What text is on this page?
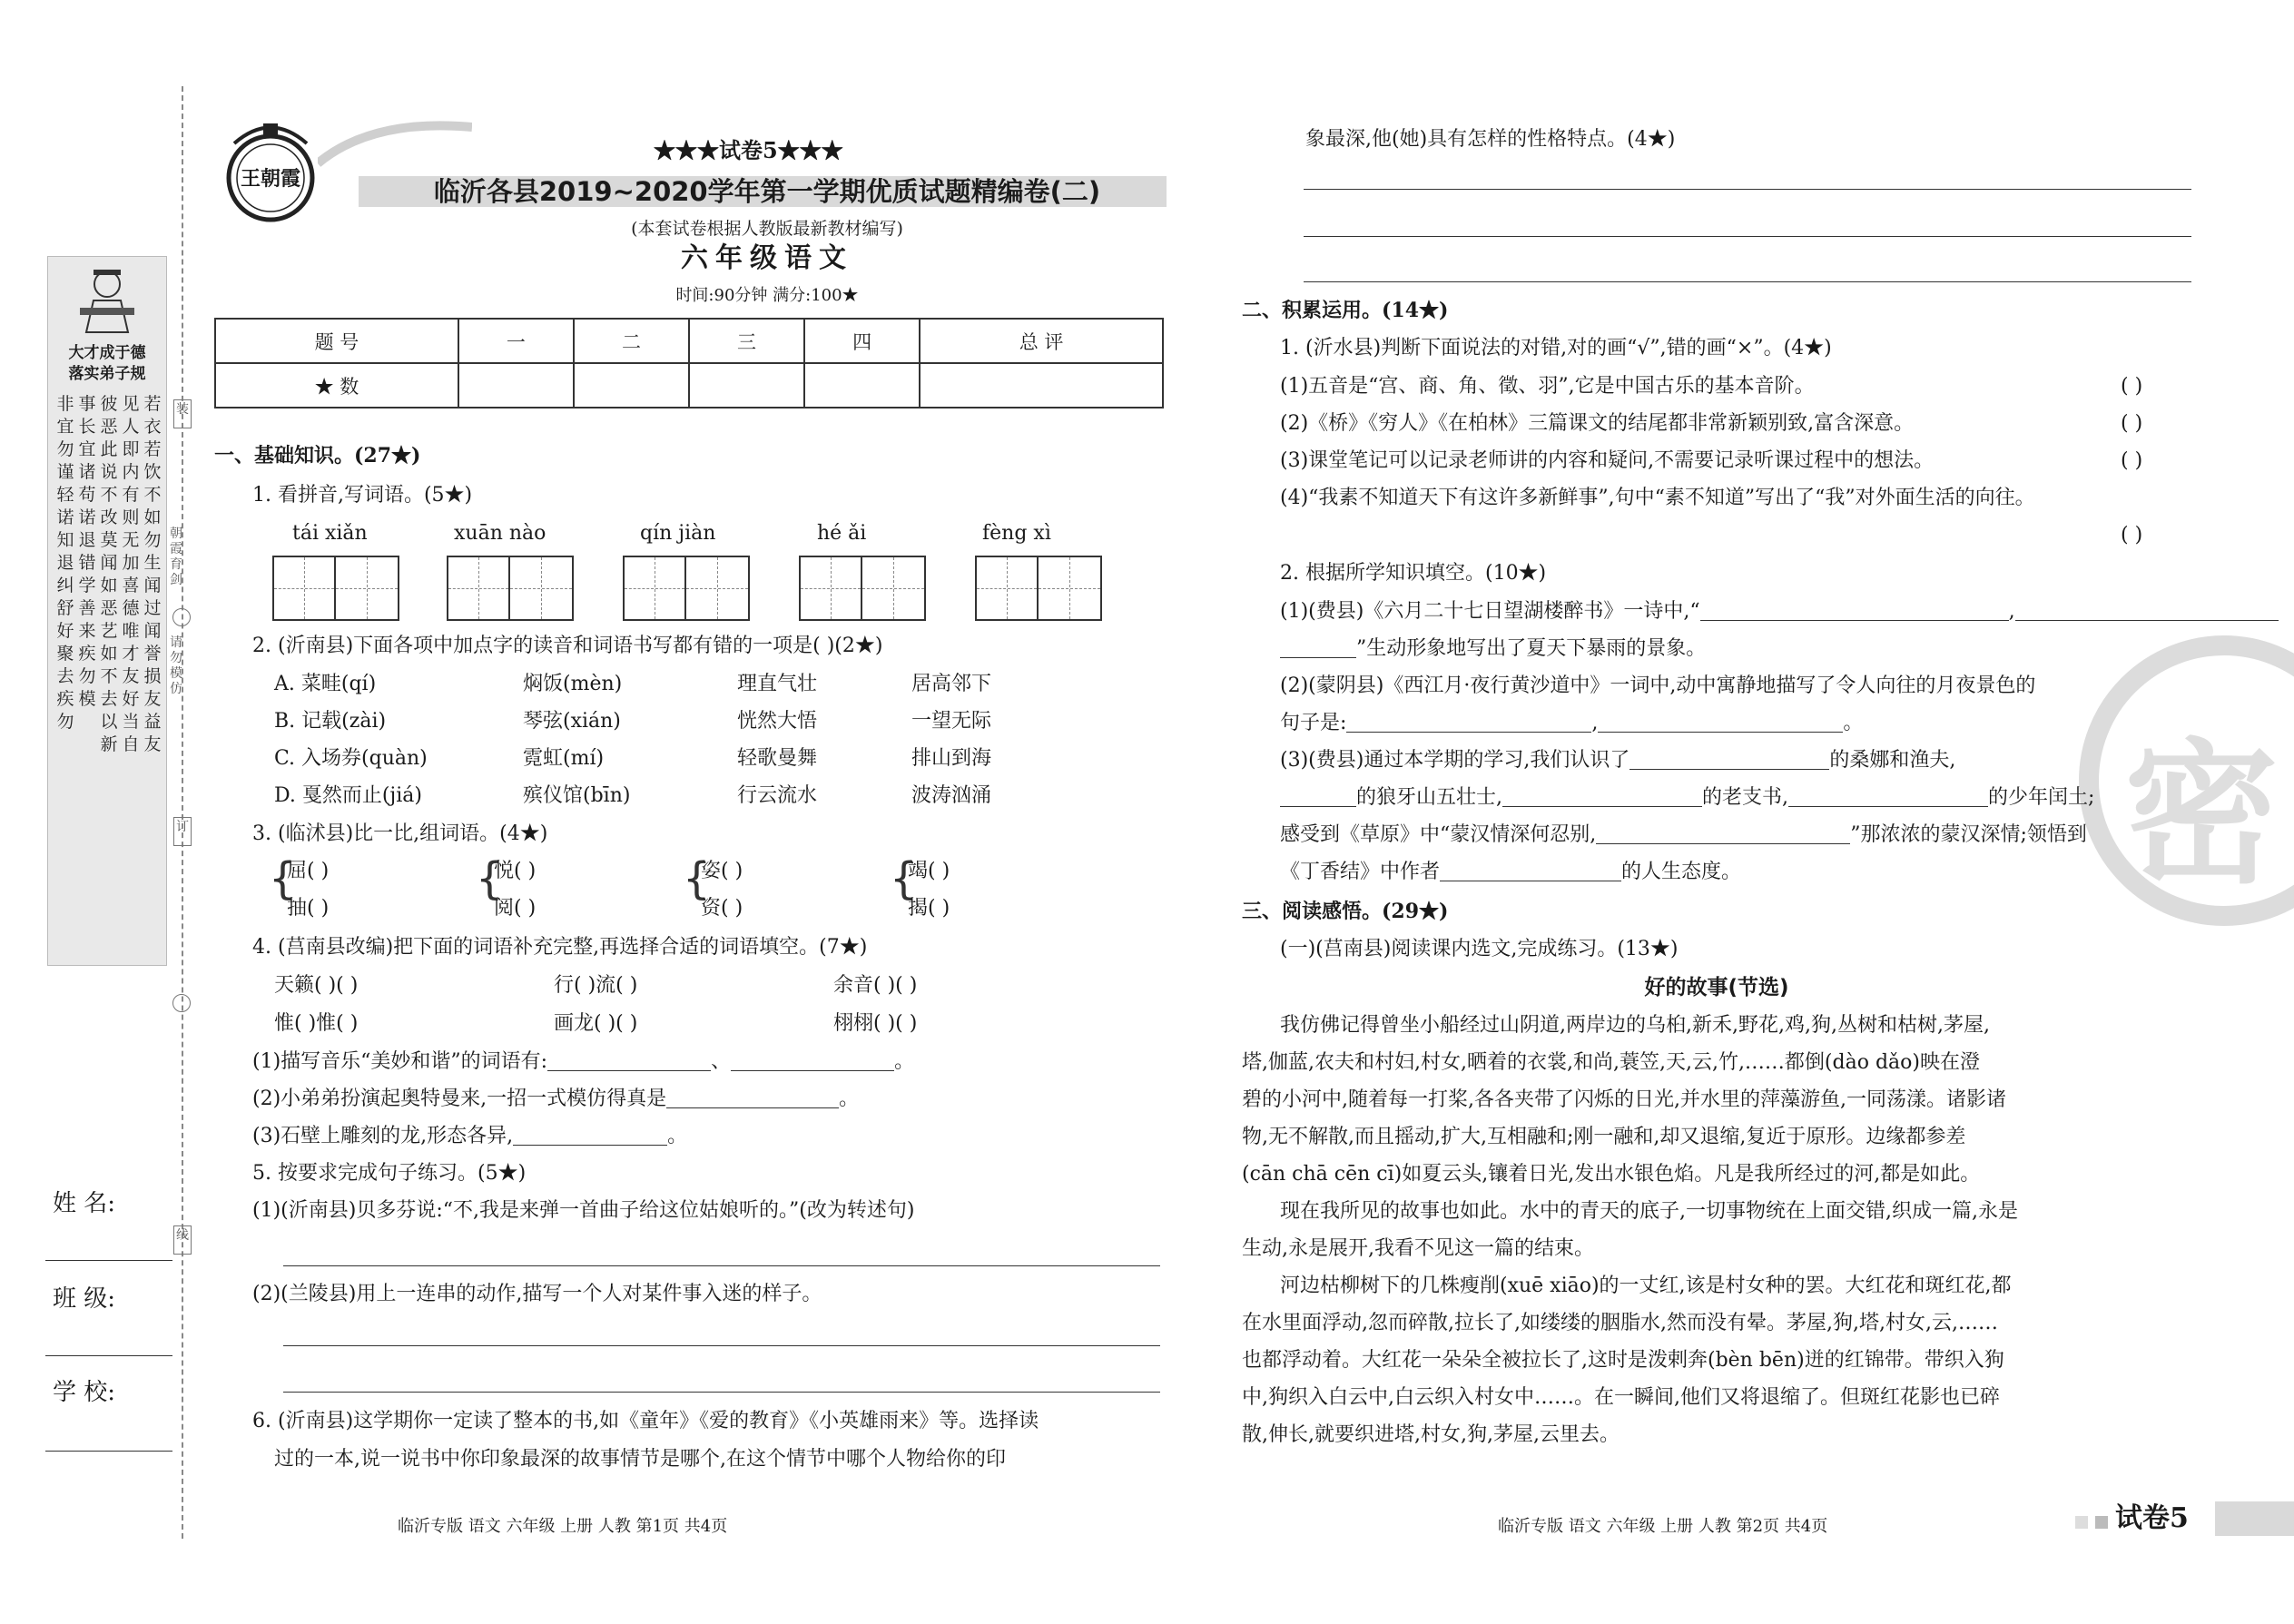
大才成于德
落实弟子规
若衣若饮不如勿生闻过闻誉损友益友
见人即内有则无加喜德唯才友好当自
彼恶此说不改莫闻如恶艺如不去以新
事长宜诸苟诺退错学善来疾勿模
非宜勿谨轻诺知退纠舒好聚去疾勿
装
朝霞育剑
请勿模仿
订
线
姓 名:
班 级:
学 校:
王朝霞
★★★试卷5★★★
临沂各县2019~2020学年第一学期优质试题精编卷(二)
(本套试卷根据人教版最新教材编写)
六年级语文
时间:90分钟 满分:100★
题 号	一	二	三	四	总 评
★ 数					
一、基础知识。(27★)
1. 看拼音,写词语。(5★)
tái xiǎn	xuān nào	qín jiàn	hé ǎi	fèng xì
2. (沂南县)下面各项中加点字的读音和词语书写都有错的一项是( )(2★)
A. 菜畦(qí)	焖饭(mèn)	理直气壮	居高邻下
B. 记载(zài)	琴弦(xián)	恍然大悟	一望无际
C. 入场券(quàn)	霓虹(mí)	轻歌曼舞	排山到海
D. 戛然而止(jiá)	殡仪馆(bīn)	行云流水	波涛汹涌
3. (临沭县)比一比,组词语。(4★)
{
屈( )
抽( )
{
悦( )
阅( )
{
姿( )
资( )
{
竭( )
揭( )
4. (莒南县改编)把下面的词语补充完整,再选择合适的词语填空。(7★)
天籁( )( )	行( )流( )	余音( )( )
惟( )惟( )	画龙( )( )	栩栩( )( )
(1)描写音乐“美妙和谐”的词语有:	、	。
(2)小弟弟扮演起奥特曼来,一招一式模仿得真是	。
(3)石壁上雕刻的龙,形态各异,	。
5. 按要求完成句子练习。(5★)
(1)(沂南县)贝多芬说:“不,我是来弹一首曲子给这位姑娘听的。”(改为转述句)
(2)(兰陵县)用上一连串的动作,描写一个人对某件事入迷的样子。
6. (沂南县)这学期你一定读了整本的书,如《童年》《爱的教育》《小英雄雨来》等。选择读
过的一本,说一说书中你印象最深的故事情节是哪个,在这个情节中哪个人物给你的印
临沂专版 语文 六年级 上册 人教 第1页 共4页
象最深,他(她)具有怎样的性格特点。(4★)
密
二、积累运用。(14★)
1. (沂水县)判断下面说法的对错,对的画“√”,错的画“×”。(4★)
(1)五音是“宫、商、角、徵、羽”,它是中国古乐的基本音阶。	( )
(2)《桥》《穷人》《在柏林》三篇课文的结尾都非常新颖别致,富含深意。	( )
(3)课堂笔记可以记录老师讲的内容和疑问,不需要记录听课过程中的想法。	( )
(4)“我素不知道天下有这许多新鲜事”,句中“素不知道”写出了“我”对外面生活的向往。
( )
2. 根据所学知识填空。(10★)
(1)(费县)《六月二十七日望湖楼醉书》一诗中,“	,
”生动形象地写出了夏天下暴雨的景象。
(2)(蒙阴县)《西江月·夜行黄沙道中》一词中,动中寓静地描写了令人向往的月夜景色的
句子是:	,	。
(3)(费县)通过本学期的学习,我们认识了	的桑娜和渔夫,
的狼牙山五壮士,	的老支书,	的少年闰土;
感受到《草原》中“蒙汉情深何忍别,	”那浓浓的蒙汉深情;领悟到
《丁香结》中作者	的人生态度。
三、阅读感悟。(29★)
(一)(莒南县)阅读课内选文,完成练习。(13★)
好的故事(节选)
我仿佛记得曾坐小船经过山阴道,两岸边的乌桕,新禾,野花,鸡,狗,丛树和枯树,茅屋,
塔,伽蓝,农夫和村妇,村女,晒着的衣裳,和尚,蓑笠,天,云,竹,……都倒(dào dǎo)映在澄
碧的小河中,随着每一打桨,各各夹带了闪烁的日光,并水里的萍藻游鱼,一同荡漾。诸影诸
物,无不解散,而且摇动,扩大,互相融和;刚一融和,却又退缩,复近于原形。边缘都参差
(cān chā cēn cī)如夏云头,镶着日光,发出水银色焰。凡是我所经过的河,都是如此。
现在我所见的故事也如此。水中的青天的底子,一切事物统在上面交错,织成一篇,永是
生动,永是展开,我看不见这一篇的结束。
河边枯柳树下的几株瘦削(xuē xiāo)的一丈红,该是村女种的罢。大红花和斑红花,都
在水里面浮动,忽而碎散,拉长了,如缕缕的胭脂水,然而没有晕。茅屋,狗,塔,村女,云,……
也都浮动着。大红花一朵朵全被拉长了,这时是泼剌奔(bèn bēn)迸的红锦带。带织入狗
中,狗织入白云中,白云织入村女中……。在一瞬间,他们又将退缩了。但斑红花影也已碎
散,伸长,就要织进塔,村女,狗,茅屋,云里去。
临沂专版 语文 六年级 上册 人教 第2页 共4页	试卷5
